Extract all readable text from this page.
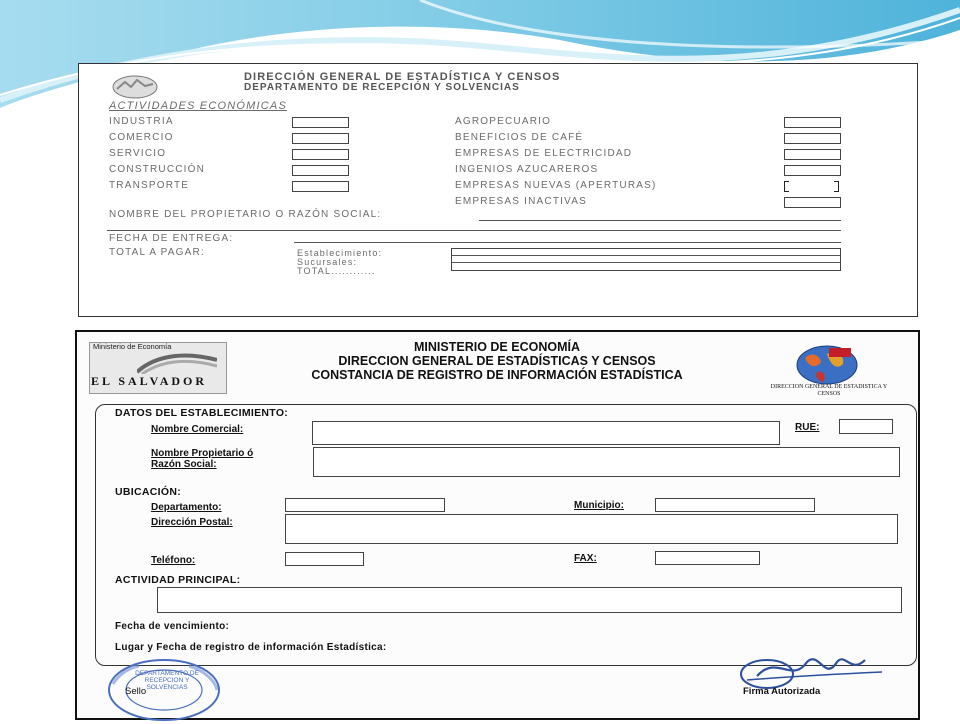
DIRECCIÓN GENERAL DE ESTADÍSTICA Y CENSOS
DEPARTAMENTO DE RECEPCIÓN Y SOLVENCIAS
ACTIVIDADES ECONÓMICAS
INDUSTRIA
COMERCIO
SERVICIO
CONSTRUCCIÓN
TRANSPORTE
AGROPECUARIO
BENEFICIOS DE CAFÉ
EMPRESAS DE ELECTRICIDAD
INGENIOS AZUCAREROS
EMPRESAS NUEVAS (APERTURAS)
EMPRESAS INACTIVAS
NOMBRE DEL PROPIETARIO O RAZÓN SOCIAL:
FECHA DE ENTREGA:
TOTAL A PAGAR:	Establecimiento:
Sucursales:
TOTAL............
Ministerio de Economía
EL SALVADOR
MINISTERIO DE ECONOMÍA
DIRECCION GENERAL DE ESTADÍSTICAS Y CENSOS
CONSTANCIA DE REGISTRO DE INFORMACIÓN ESTADÍSTICA
DIRECCION GENERAL DE ESTADISTICA Y CENSOS
DATOS DEL ESTABLECIMIENTO:
Nombre Comercial:	RUE:
Nombre Propietario ó
Razón Social:
UBICACIÓN:
Departamento:	Municipio:
Dirección Postal:
Teléfono:	FAX:
ACTIVIDAD PRINCIPAL:
Fecha de vencimiento:
Lugar y Fecha de registro de información Estadística:
DEPARTAMENTO DE RECEPCION Y SOLVENCIAS
Sello	Firma Autorizada
